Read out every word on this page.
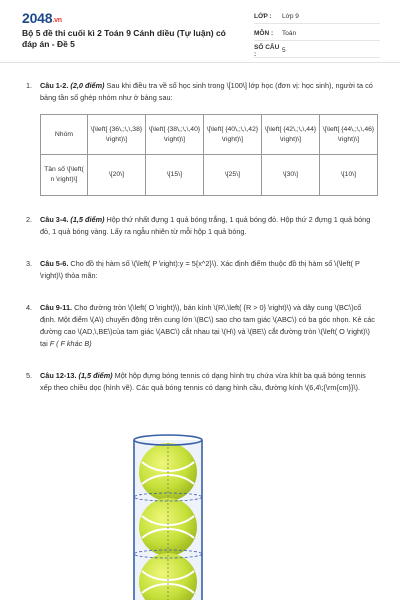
2048.vn
Bộ 5 đề thi cuối kì 2 Toán 9 Cánh diều (Tự luận) có đáp án - Đề 5
LỚP :	Lớp 9
MÔN :	Toán
SỐ CÂU :	5
1. Câu 1-2. (2,0 điểm) Sau khi điều tra về số học sinh trong \[100\] lớp học (đơn vị: học sinh), người ta có bảng tần số ghép nhóm như ở bảng sau:
Nhóm	\[\left[ {36\,;\,\,38} \right)\]	\[\left[ {38\,;\,\,40} \right)\]	\[\left[ {40\,;\,\,42} \right)\]	\[\left[ {42\,;\,\,44} \right)\]	\[\left[ {44\,;\,\,46} \right)\]
Tần số \[\left( n \right)\]	\[20\]	\[15\]	\[25\]	\[30\]	\[10\]
2. Câu 3-4. (1,5 điểm) Hộp thứ nhất đựng 1 quả bóng trắng, 1 quả bóng đỏ. Hộp thứ 2 đựng 1 quả bóng đỏ, 1 quả bóng vàng. Lấy ra ngẫu nhiên từ mỗi hộp 1 quả bóng.
3. Câu 5-6. Cho đồ thị hàm số \(\left( P \right):y = 5{x^2}\). Xác định điểm thuộc đồ thị hàm số \(\left( P \right)\) thỏa mãn:
4. Câu 9-11. Cho đường tròn \(\left( O \right)\), bán kính \(R\,\left( {R > 0} \right)\) và dây cung \(BC\)cố định. Một điểm \(A\) chuyển động trên cung lớn \(BC\) sao cho tam giác \(ABC\) có ba góc nhọn. Kẻ các đường cao \(AD,\,BE\)của tam giác \(ABC\) cắt nhau tại \(H\) và \(BE\) cắt đường tròn \(\left( O \right)\) tại F ( F khác B)
5. Câu 12-13. (1,5 điểm) Một hộp đựng bóng tennis có dạng hình trụ chứa vừa khít ba quả bóng tennis xếp theo chiều dọc (hình vẽ). Các quả bóng tennis có dạng hình cầu, đường kính \(6,4\;{\rm{cm}}\).
